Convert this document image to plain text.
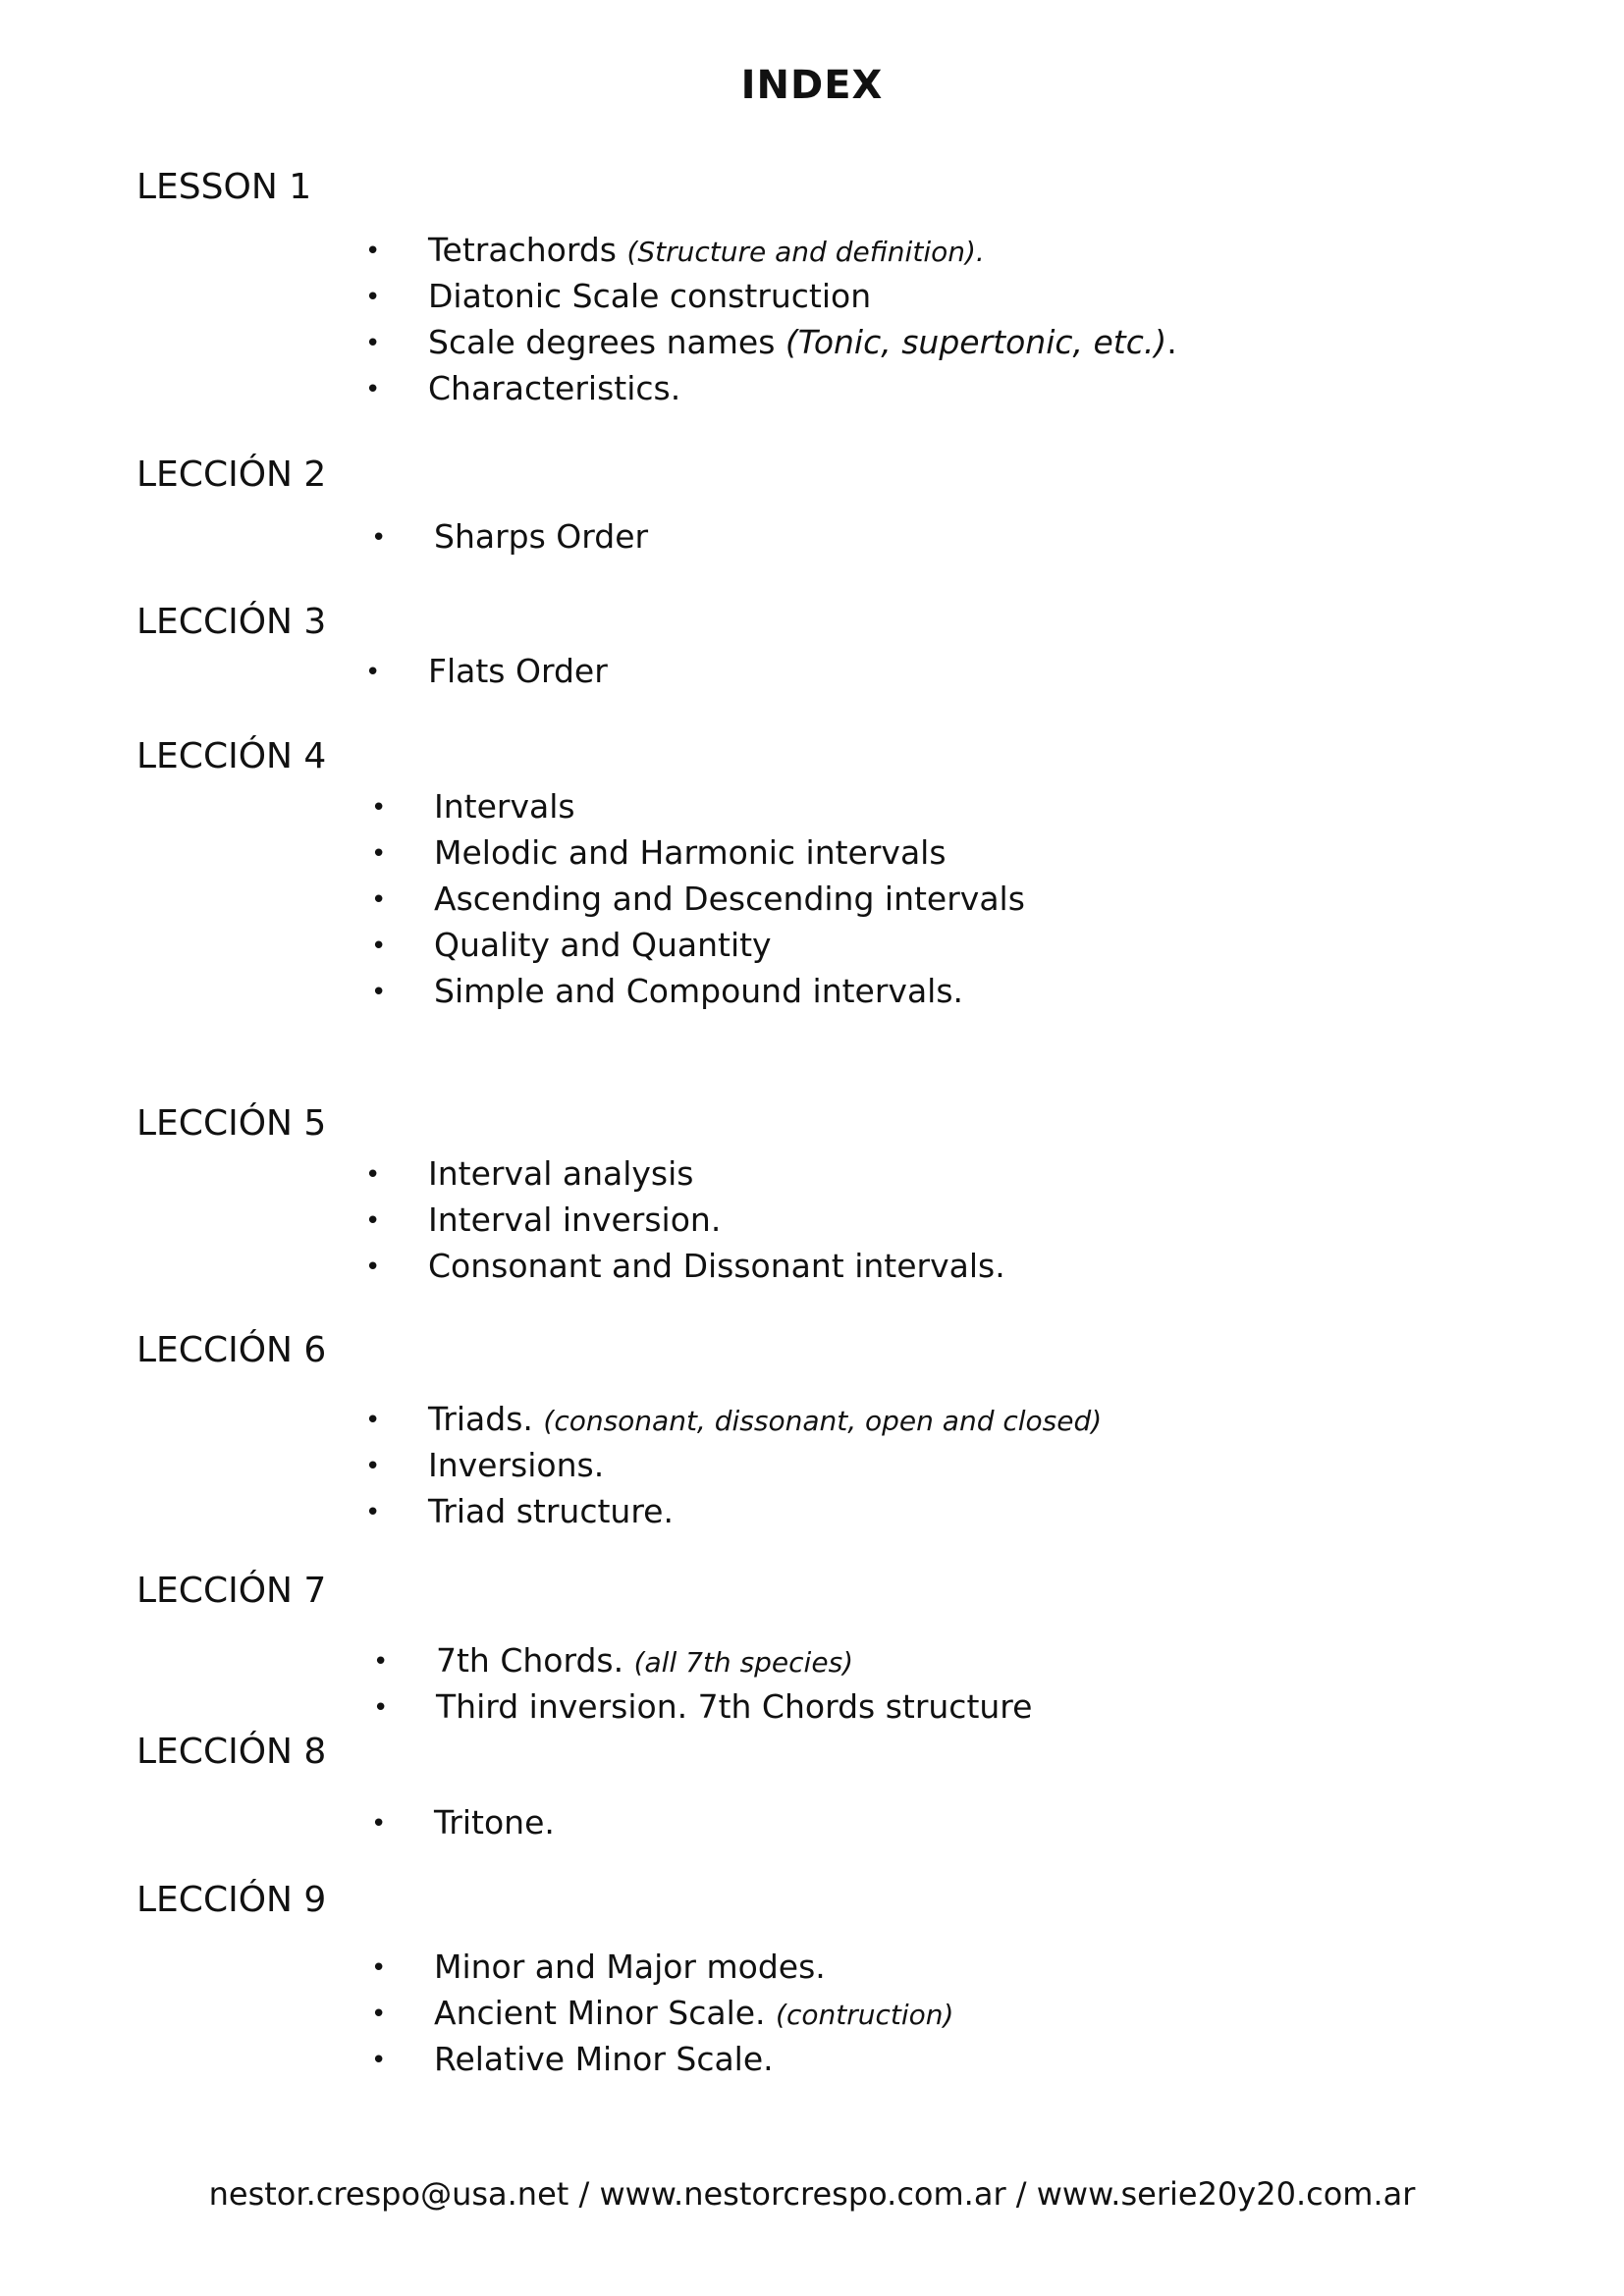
INDEX
LESSON 1
• Tetrachords (Structure and definition).
• Diatonic Scale construction
• Scale degrees names (Tonic, supertonic, etc.).
• Characteristics.
LECCIÓN 2
• Sharps Order
LECCIÓN 3
• Flats Order
LECCIÓN 4
• Intervals
• Melodic and Harmonic intervals
• Ascending and Descending intervals
• Quality and Quantity
• Simple and Compound intervals.
LECCIÓN 5
• Interval analysis
• Interval inversion.
• Consonant and Dissonant intervals.
LECCIÓN 6
• Triads. (consonant, dissonant, open and closed)
• Inversions.
• Triad structure.
LECCIÓN 7
• 7th Chords. (all 7th species)
• Third inversion. 7th Chords structure
LECCIÓN 8
• Tritone.
LECCIÓN 9
• Minor and Major modes.
• Ancient Minor Scale. (contruction)
• Relative Minor Scale.

nestor.crespo@usa.net / www.nestorcrespo.com.ar / www.serie20y20.com.ar
